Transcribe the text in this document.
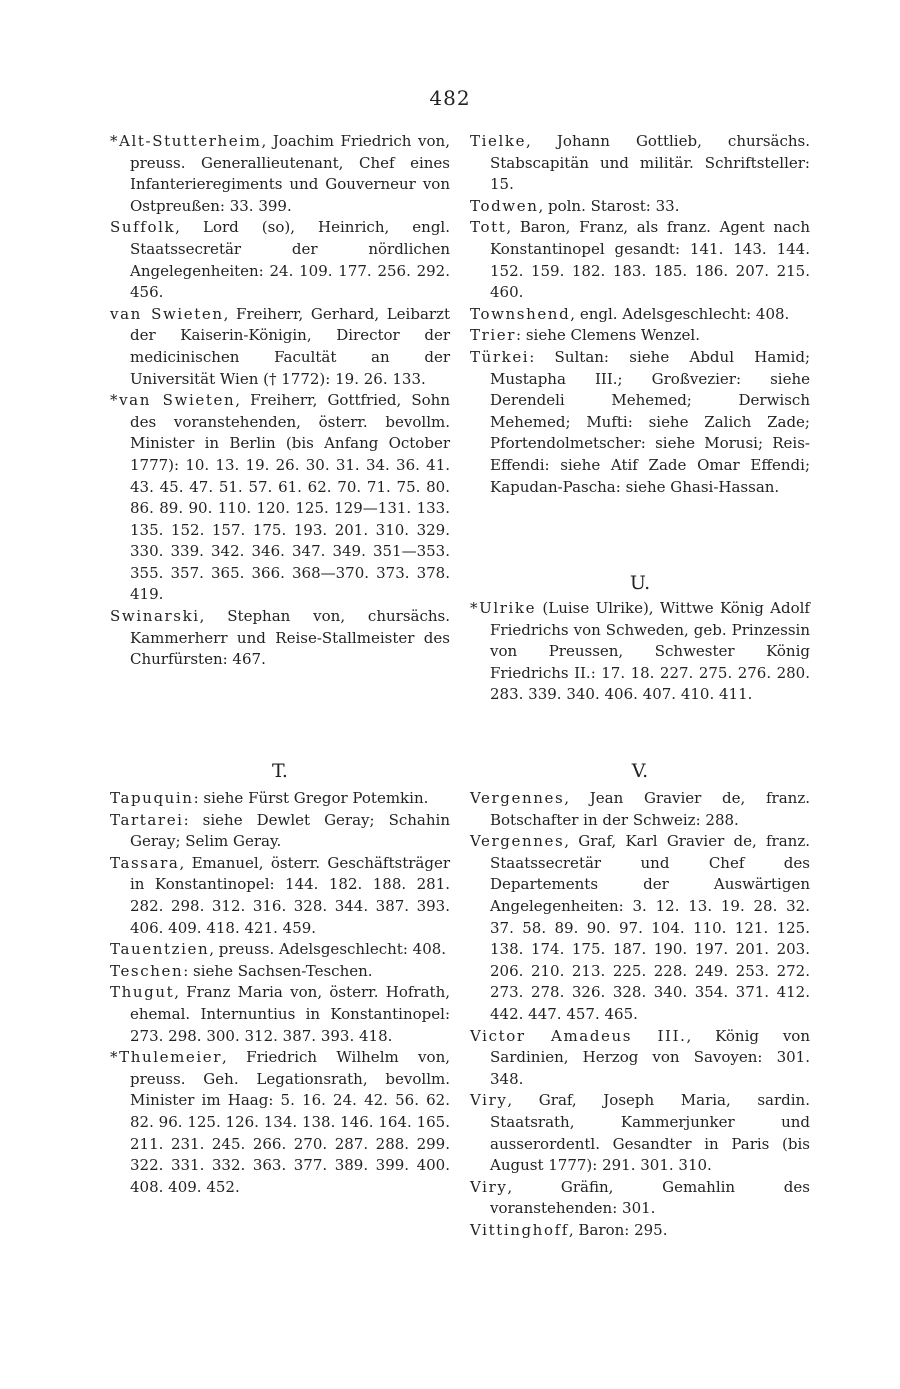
482

*Alt-Stutterheim, Joachim Friedrich von, preuss. Generallieutenant, Chef eines Infanterieregiments und Gouverneur von Ostpreußen: 33. 399.

Suffolk, Lord (so), Heinrich, engl. Staatssecretär der nördlichen Angelegenheiten: 24. 109. 177. 256. 292. 456.

van Swieten, Freiherr, Gerhard, Leibarzt der Kaiserin-Königin, Director der medicinischen Facultät an der Universität Wien († 1772): 19. 26. 133.

*van Swieten, Freiherr, Gottfried, Sohn des voranstehenden, österr. bevollm. Minister in Berlin (bis Anfang October 1777): 10. 13. 19. 26. 30. 31. 34. 36. 41. 43. 45. 47. 51. 57. 61. 62. 70. 71. 75. 80. 86. 89. 90. 110. 120. 125. 129—131. 133. 135. 152. 157. 175. 193. 201. 310. 329. 330. 339. 342. 346. 347. 349. 351—353. 355. 357. 365. 366. 368—370. 373. 378. 419.

Swinarski, Stephan von, chursächs. Kammerherr und Reise-Stallmeister des Churfürsten: 467.

Tielke, Johann Gottlieb, chursächs. Stabscapitän und militär. Schriftsteller: 15.

Todwen, poln. Starost: 33.

Tott, Baron, Franz, als franz. Agent nach Konstantinopel gesandt: 141. 143. 144. 152. 159. 182. 183. 185. 186. 207. 215. 460.

Townshend, engl. Adelsgeschlecht: 408.

Trier: siehe Clemens Wenzel.

Türkei: Sultan: siehe Abdul Hamid; Mustapha III.; Großvezier: siehe Derendeli Mehemed; Derwisch Mehemed; Mufti: siehe Zalich Zade; Pfortendolmetscher: siehe Morusi; Reis-Effendi: siehe Atif Zade Omar Effendi; Kapudan-Pascha: siehe Ghasi-Hassan.

U.

*Ulrike (Luise Ulrike), Wittwe König Adolf Friedrichs von Schweden, geb. Prinzessin von Preussen, Schwester König Friedrichs II.: 17. 18. 227. 275. 276. 280. 283. 339. 340. 406. 407. 410. 411.

T.

Tapuquin: siehe Fürst Gregor Potemkin.

Tartarei: siehe Dewlet Geray; Schahin Geray; Selim Geray.

Tassara, Emanuel, österr. Geschäftsträger in Konstantinopel: 144. 182. 188. 281. 282. 298. 312. 316. 328. 344. 387. 393. 406. 409. 418. 421. 459.

Tauentzien, preuss. Adelsgeschlecht: 408.

Teschen: siehe Sachsen-Teschen.

Thugut, Franz Maria von, österr. Hofrath, ehemal. Internuntius in Konstantinopel: 273. 298. 300. 312. 387. 393. 418.

*Thulemeier, Friedrich Wilhelm von, preuss. Geh. Legationsrath, bevollm. Minister im Haag: 5. 16. 24. 42. 56. 62. 82. 96. 125. 126. 134. 138. 146. 164. 165. 211. 231. 245. 266. 270. 287. 288. 299. 322. 331. 332. 363. 377. 389. 399. 400. 408. 409. 452.

V.

Vergennes, Jean Gravier de, franz. Botschafter in der Schweiz: 288.

Vergennes, Graf, Karl Gravier de, franz. Staatssecretär und Chef des Departements der Auswärtigen Angelegenheiten: 3. 12. 13. 19. 28. 32. 37. 58. 89. 90. 97. 104. 110. 121. 125. 138. 174. 175. 187. 190. 197. 201. 203. 206. 210. 213. 225. 228. 249. 253. 272. 273. 278. 326. 328. 340. 354. 371. 412. 442. 447. 457. 465.

Victor Amadeus III., König von Sardinien, Herzog von Savoyen: 301. 348.

Viry, Graf, Joseph Maria, sardin. Staatsrath, Kammerjunker und ausserordentl. Gesandter in Paris (bis August 1777): 291. 301. 310.

Viry, Gräfin, Gemahlin des voranstehenden: 301.

Vittinghoff, Baron: 295.
